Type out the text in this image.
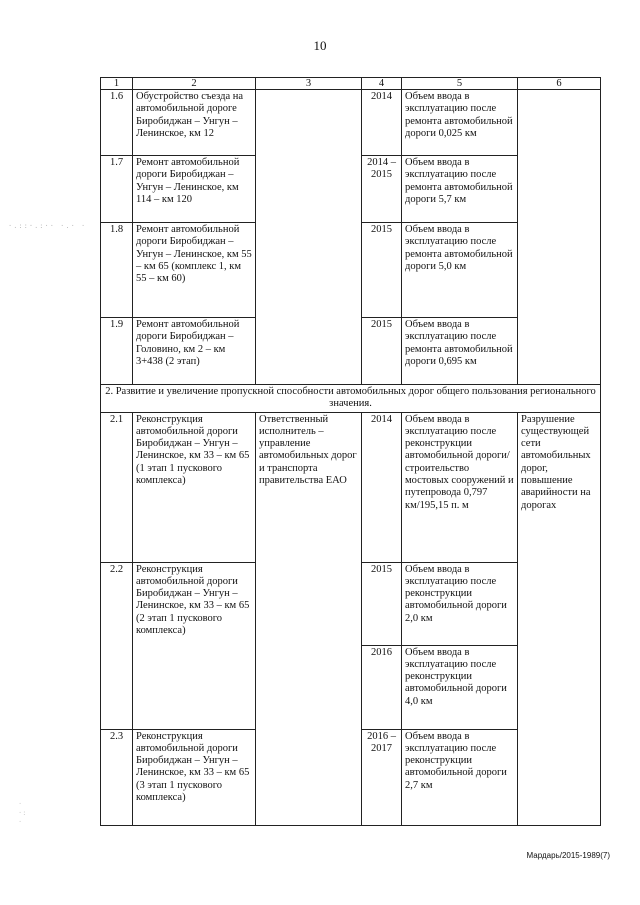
10
·.::·.:·· ·.· ·
·
·:
·
1	2	3	4	5	6
1.6	Обустройство съезда на автомобильной дороге Биробиджан – Унгун – Ленинское, км 12		2014	Объем ввода в эксплуатацию после ремонта автомобильной дороги 0,025 км	
1.7	Ремонт автомобильной дороги Биробиджан – Унгун – Ленинское, км 114 – км 120		2014 – 2015	Объем ввода в эксплуатацию после ремонта автомобильной дороги 5,7 км	
1.8	Ремонт автомобильной дороги Биробиджан – Унгун – Ленинское, км 55 – км 65 (комплекс 1, км 55 – км 60)		2015	Объем ввода в эксплуатацию после ремонта автомобильной дороги 5,0 км	
1.9	Ремонт автомобильной дороги Биробиджан – Головино, км 2 – км 3+438 (2 этап)		2015	Объем ввода в эксплуатацию после ремонта автомобильной дороги 0,695 км	
2. Развитие и увеличение пропускной способности автомобильных дорог общего пользования регионального значения.					
2.1	Реконструкция автомобильной дороги Биробиджан – Унгун – Ленинское, км 33 – км 65 (1 этап 1 пускового комплекса)	Ответственный исполнитель – управление автомобильных дорог и транспорта правительства ЕАО	2014	Объем ввода в эксплуатацию после реконструкции автомобильной дороги/ строительство мостовых сооружений и путепровода 0,797 км/195,15 п. м	Разрушение существующей сети автомобильных дорог, повышение аварийности на дорогах
2.2	Реконструкция автомобильной дороги Биробиджан – Унгун – Ленинское, км 33 – км 65 (2 этап 1 пускового комплекса)		2015	Объем ввода в эксплуатацию после реконструкции автомобильной дороги 2,0 км	
			2016	Объем ввода в эксплуатацию после реконструкции автомобильной дороги 4,0 км	
2.3	Реконструкция автомобильной дороги Биробиджан – Унгун – Ленинское, км 33 – км 65 (3 этап 1 пускового комплекса)		2016 – 2017	Объем ввода в эксплуатацию после реконструкции автомобильной дороги 2,7 км	
Мардарь/2015-1989(7)
